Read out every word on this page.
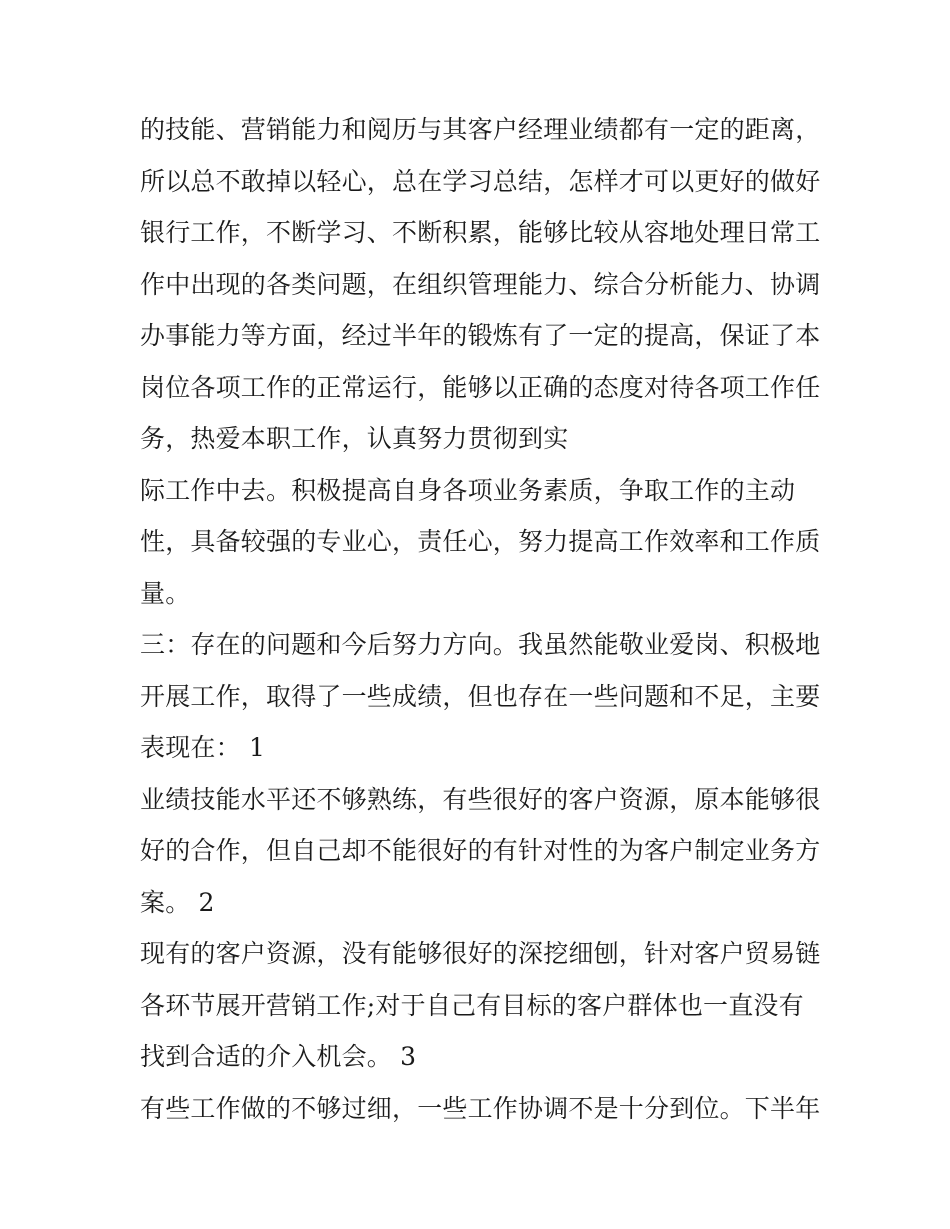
的技能、营销能力和阅历与其客户经理业绩都有一定的距离，
所以总不敢掉以轻心，总在学习总结，怎样才可以更好的做好
银行工作，不断学习、不断积累，能够比较从容地处理日常工
作中出现的各类问题，在组织管理能力、综合分析能力、协调
办事能力等方面，经过半年的锻炼有了一定的提高，保证了本
岗位各项工作的正常运行，能够以正确的态度对待各项工作任
务，热爱本职工作，认真努力贯彻到实
际工作中去。积极提高自身各项业务素质，争取工作的主动
性，具备较强的专业心，责任心，努力提高工作效率和工作质
量。
三：存在的问题和今后努力方向。我虽然能敬业爱岗、积极地
开展工作，取得了一些成绩，但也存在一些问题和不足，主要
表现在： 1
业绩技能水平还不够熟练，有些很好的客户资源，原本能够很
好的合作，但自己却不能很好的有针对性的为客户制定业务方
案。 2
现有的客户资源，没有能够很好的深挖细刨，针对客户贸易链
各环节展开营销工作;对于自己有目标的客户群体也一直没有
找到合适的介入机会。 3
有些工作做的不够过细，一些工作协调不是十分到位。下半年
